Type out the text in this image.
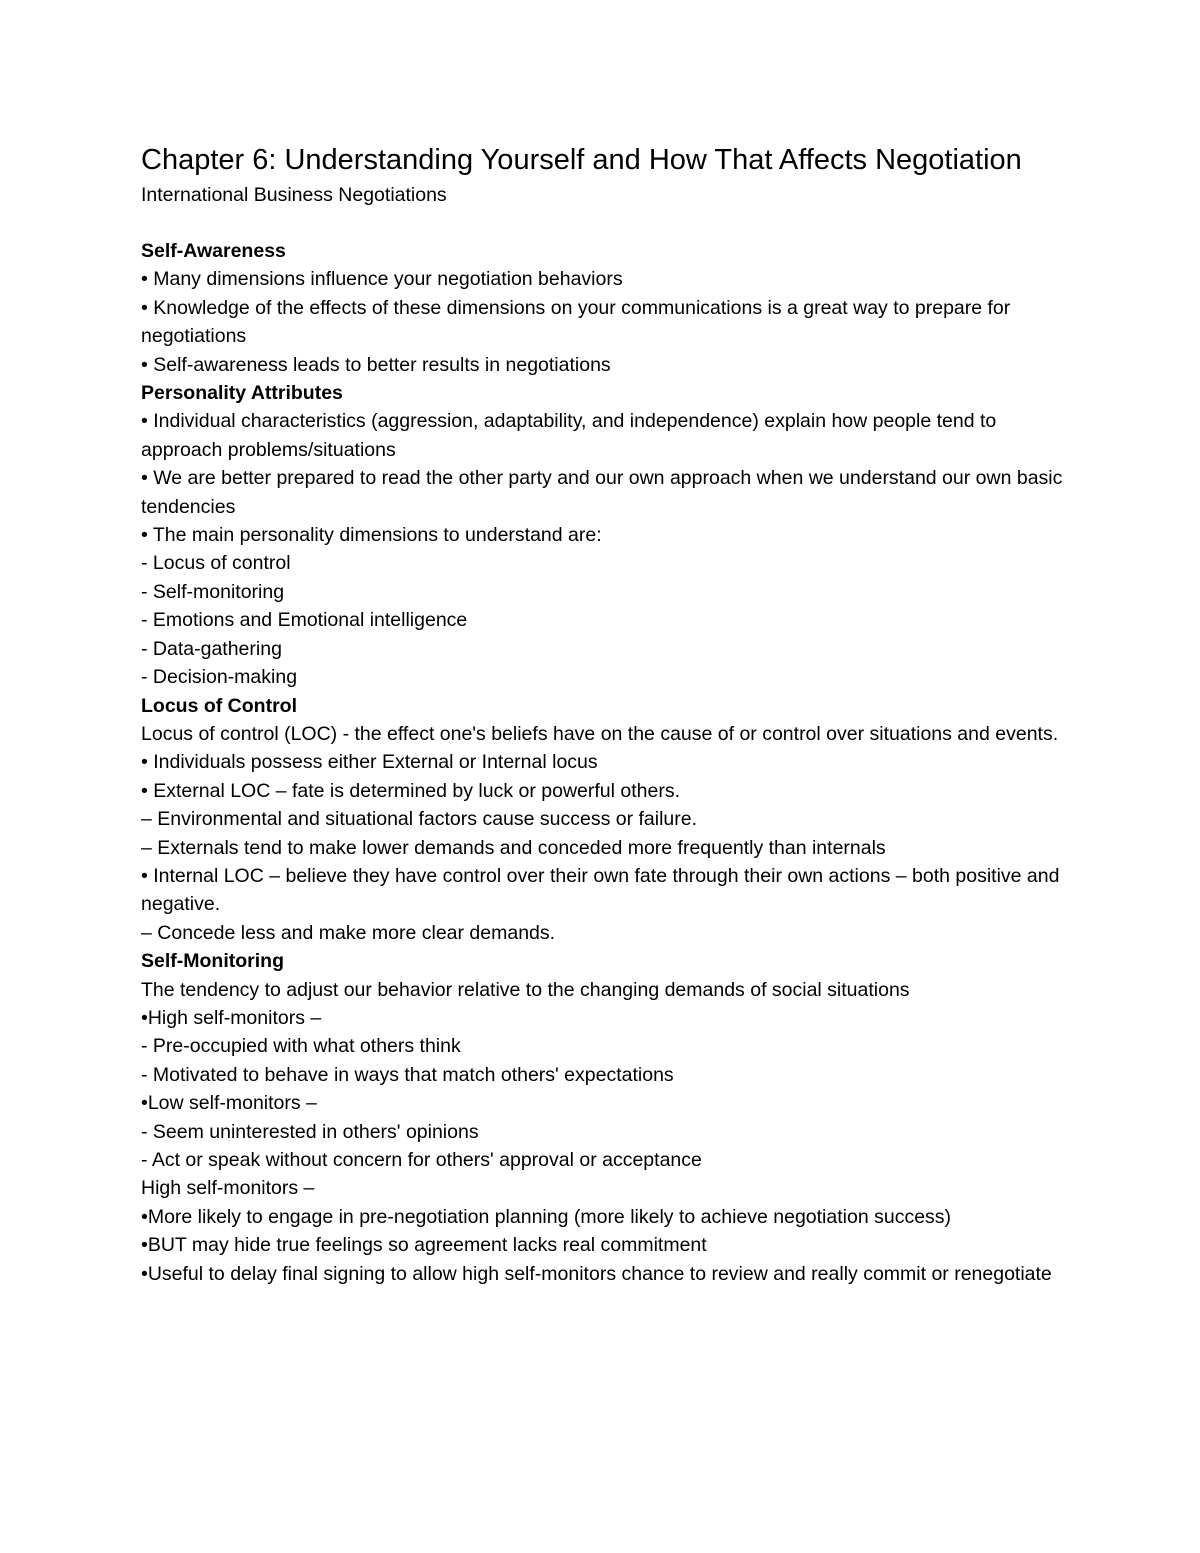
Chapter 6: Understanding Yourself and How That Affects Negotiation

International Business Negotiations

Self-Awareness

• Many dimensions influence your negotiation behaviors

• Knowledge of the effects of these dimensions on your communications is a great way to prepare for negotiations

• Self-awareness leads to better results in negotiations

Personality Attributes

• Individual characteristics (aggression, adaptability, and independence) explain how people tend to approach problems/situations

• We are better prepared to read the other party and our own approach when we understand our own basic tendencies

• The main personality dimensions to understand are:

- Locus of control

- Self-monitoring

- Emotions and Emotional intelligence

- Data-gathering

- Decision-making

Locus of Control

Locus of control (LOC) - the effect one's beliefs have on the cause of or control over situations and events.

• Individuals possess either External or Internal locus

• External LOC – fate is determined by luck or powerful others.

– Environmental and situational factors cause success or failure.

– Externals tend to make lower demands and conceded more frequently than internals

• Internal LOC – believe they have control over their own fate through their own actions – both positive and negative.

– Concede less and make more clear demands.

Self-Monitoring

The tendency to adjust our behavior relative to the changing demands of social situations

•High self-monitors –

- Pre-occupied with what others think

- Motivated to behave in ways that match others' expectations

•Low self-monitors –

- Seem uninterested in others' opinions

- Act or speak without concern for others' approval or acceptance

High self-monitors –

•More likely to engage in pre-negotiation planning (more likely to achieve negotiation success)

•BUT may hide true feelings so agreement lacks real commitment

•Useful to delay final signing to allow high self-monitors chance to review and really commit or renegotiate
